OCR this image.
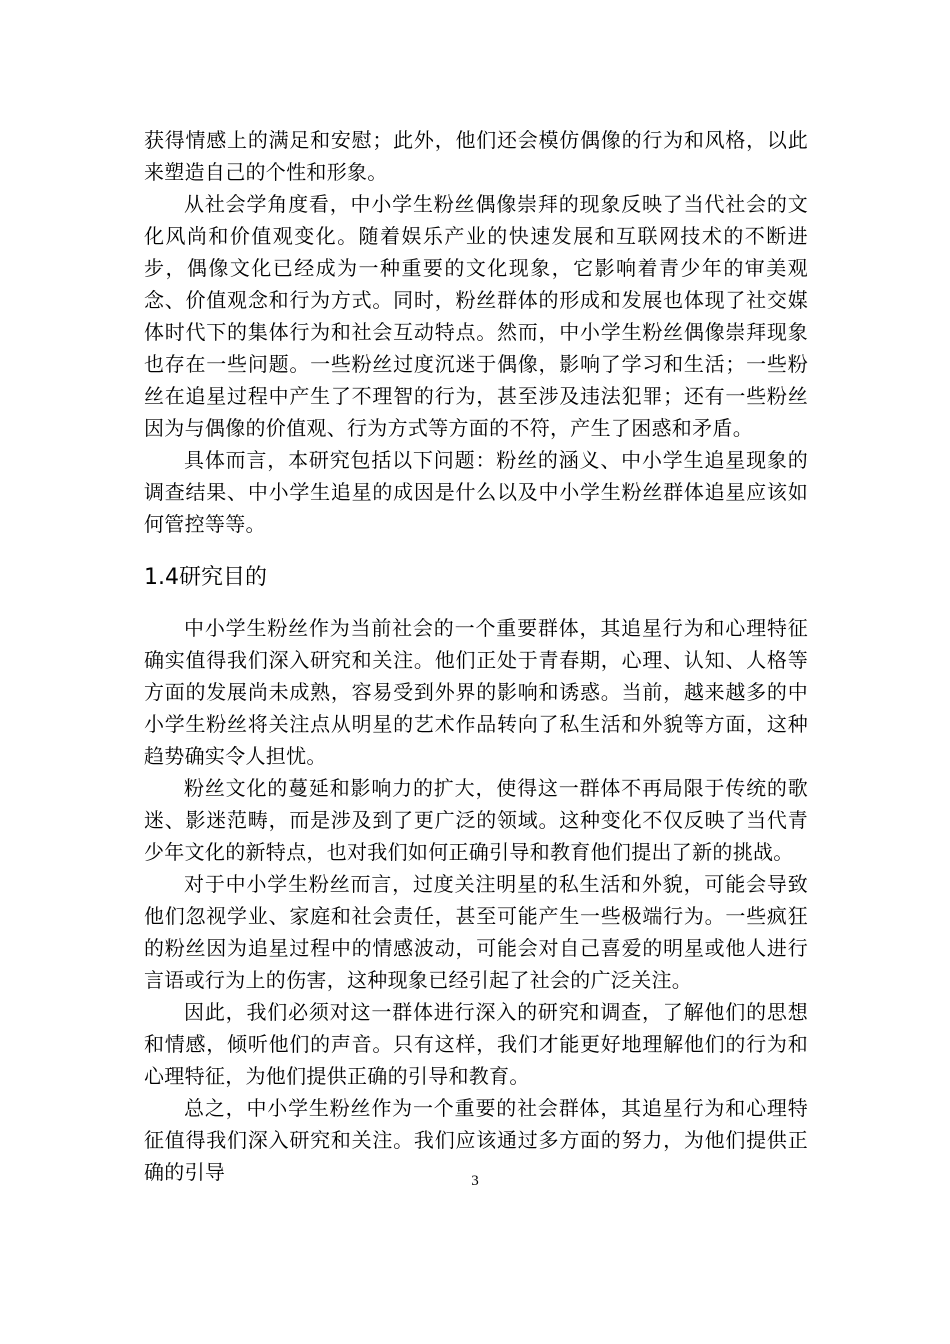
获得情感上的满足和安慰；此外，他们还会模仿偶像的行为和风格，以此来塑造自己的个性和形象。

从社会学角度看，中小学生粉丝偶像崇拜的现象反映了当代社会的文化风尚和价值观变化。随着娱乐产业的快速发展和互联网技术的不断进步，偶像文化已经成为一种重要的文化现象，它影响着青少年的审美观念、价值观念和行为方式。同时，粉丝群体的形成和发展也体现了社交媒体时代下的集体行为和社会互动特点。然而，中小学生粉丝偶像崇拜现象也存在一些问题。一些粉丝过度沉迷于偶像，影响了学习和生活；一些粉丝在追星过程中产生了不理智的行为，甚至涉及违法犯罪；还有一些粉丝因为与偶像的价值观、行为方式等方面的不符，产生了困惑和矛盾。

具体而言，本研究包括以下问题：粉丝的涵义、中小学生追星现象的调查结果、中小学生追星的成因是什么以及中小学生粉丝群体追星应该如何管控等等。

1.4研究目的

中小学生粉丝作为当前社会的一个重要群体，其追星行为和心理特征确实值得我们深入研究和关注。他们正处于青春期，心理、认知、人格等方面的发展尚未成熟，容易受到外界的影响和诱惑。当前，越来越多的中小学生粉丝将关注点从明星的艺术作品转向了私生活和外貌等方面，这种趋势确实令人担忧。

粉丝文化的蔓延和影响力的扩大，使得这一群体不再局限于传统的歌迷、影迷范畴，而是涉及到了更广泛的领域。这种变化不仅反映了当代青少年文化的新特点，也对我们如何正确引导和教育他们提出了新的挑战。

对于中小学生粉丝而言，过度关注明星的私生活和外貌，可能会导致他们忽视学业、家庭和社会责任，甚至可能产生一些极端行为。一些疯狂的粉丝因为追星过程中的情感波动，可能会对自己喜爱的明星或他人进行言语或行为上的伤害，这种现象已经引起了社会的广泛关注。

因此，我们必须对这一群体进行深入的研究和调查，了解他们的思想和情感，倾听他们的声音。只有这样，我们才能更好地理解他们的行为和心理特征，为他们提供正确的引导和教育。

总之，中小学生粉丝作为一个重要的社会群体，其追星行为和心理特征值得我们深入研究和关注。我们应该通过多方面的努力，为他们提供正确的引导	3
